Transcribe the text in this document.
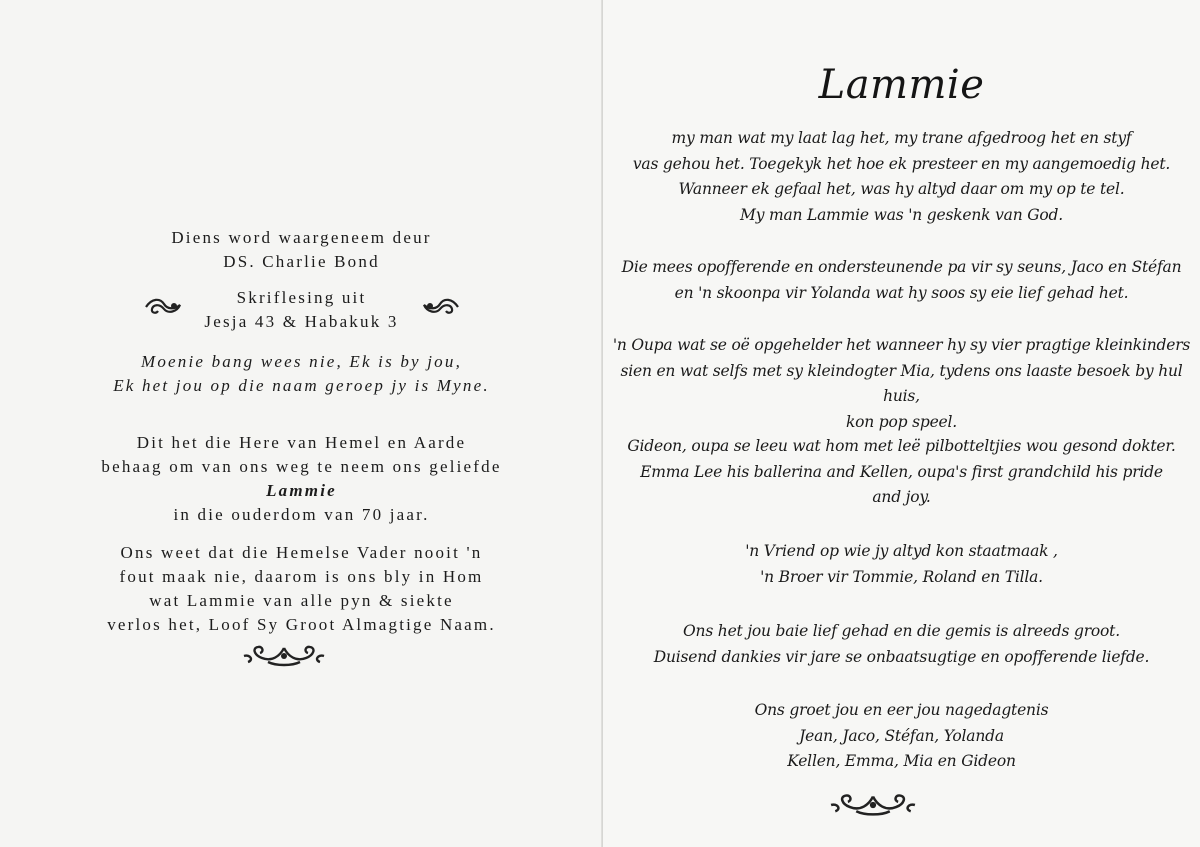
Diens word waargeneem deur
DS. Charlie Bond
Skriflesing uit
Jesja 43 & Habakuk 3
Moenie bang wees nie, Ek is by jou,
Ek het jou op die naam geroep jy is Myne.
Dit het die Here van Hemel en Aarde
behaag om van ons weg te neem ons geliefde
Lammie
in die ouderdom van 70 jaar.
Ons weet dat die Hemelse Vader nooit 'n
fout maak nie, daarom is ons bly in Hom
wat Lammie van alle pyn & siekte
verlos het, Loof Sy Groot Almagtige Naam.
Lammie
my man wat my laat lag het, my trane afgedroog het en styf
vas gehou het. Toegekyk het hoe ek presteer en my aangemoedig het.
Wanneer ek gefaal het, was hy altyd daar om my op te tel.
My man Lammie was 'n geskenk van God.
Die mees opofferende en ondersteunende pa vir sy seuns, Jaco en Stéfan
en 'n skoonpa vir Yolanda wat hy soos sy eie lief gehad het.
'n Oupa wat se oë opgehelder het wanneer hy sy vier pragtige kleinkinders
sien en wat selfs met sy kleindogter Mia, tydens ons laaste besoek by hul huis,
kon pop speel.
Gideon, oupa se leeu wat hom met leë pilbotteltjies wou gesond dokter.
Emma Lee his ballerina and Kellen, oupa's first grandchild his pride
and joy.
'n Vriend op wie jy altyd kon staatmaak ,
'n Broer vir Tommie, Roland en Tilla.
Ons het jou baie lief gehad en die gemis is alreeds groot.
Duisend dankies vir jare se onbaatsugtige en opofferende liefde.
Ons groet jou en eer jou nagedagtenis
Jean, Jaco, Stéfan, Yolanda
Kellen, Emma, Mia en Gideon
